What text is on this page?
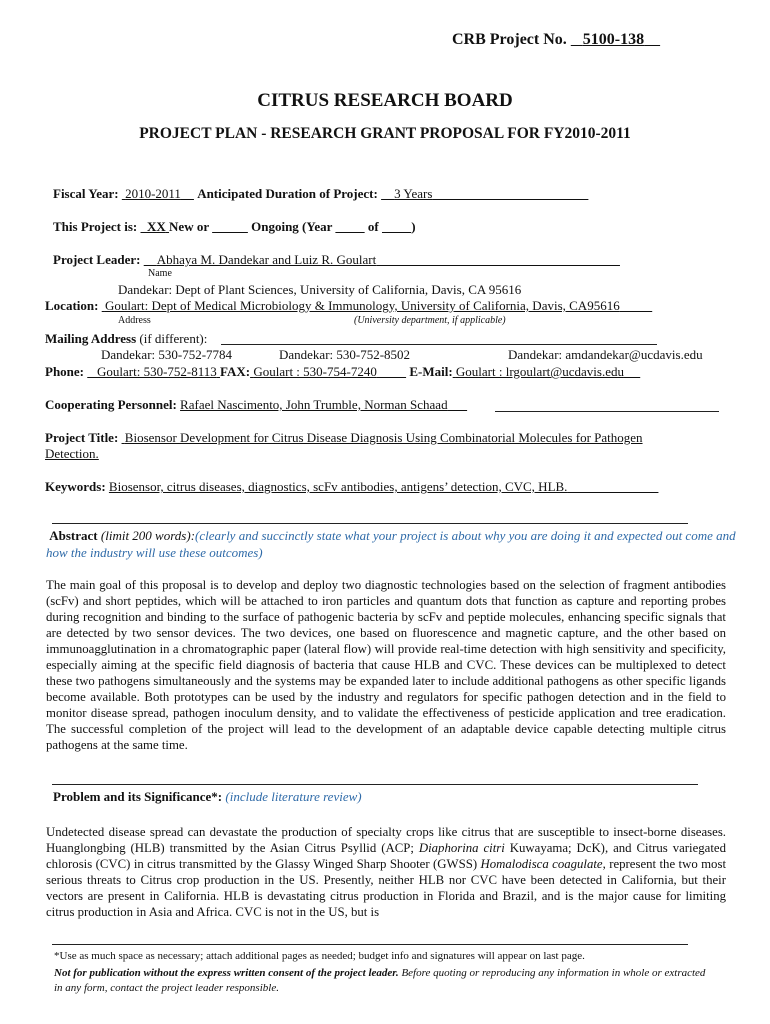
CRB Project No. 5100-138
CITRUS RESEARCH BOARD
PROJECT PLAN - RESEARCH GRANT PROPOSAL FOR FY2010-2011
Fiscal Year: 2010-2011 Anticipated Duration of Project: 3 Years
This Project is: XX New or	Ongoing (Year	of	)
Project Leader: Abhaya M. Dandekar and Luiz R. Goulart
Name
Dandekar: Dept of Plant Sciences, University of California, Davis, CA 95616
Location: Goulart: Dept of Medical Microbiology & Immunology, University of California, Davis, CA95616
Address	(University department, if applicable)
Mailing Address (if different):
Dandekar: 530-752-7784	Dandekar: 530-752-8502	Dandekar: amdandekar@ucdavis.edu
Phone: Goulart: 530-752-8113 FAX: Goulart : 530-754-7240	E-Mail: Goulart : lrgoulart@ucdavis.edu
Cooperating Personnel: Rafael Nascimento, John Trumble, Norman Schaad
Project Title: Biosensor Development for Citrus Disease Diagnosis Using Combinatorial Molecules for Pathogen
Detection.
Keywords: Biosensor, citrus diseases, diagnostics, scFv antibodies, antigens’ detection, CVC, HLB.
Abstract (limit 200 words):(clearly and succinctly state what your project is about why you are doing it and expected out come and how the industry will use these outcomes)

The main goal of this proposal is to develop and deploy two diagnostic technologies based on the selection of fragment antibodies (scFv) and short peptides, which will be attached to iron particles and quantum dots that function as capture and reporting probes during recognition and binding to the surface of pathogenic bacteria by scFv and peptide molecules, enhancing specific signals that are detected by two sensor devices. The two devices, one based on fluorescence and magnetic capture, and the other based on immunoagglutination in a chromatographic paper (lateral flow) will provide real-time detection with high sensitivity and specificity, especially aiming at the specific field diagnosis of bacteria that cause HLB and CVC. These devices can be multiplexed to detect these two pathogens simultaneously and the systems may be expanded later to include additional pathogens as other specific ligands become available. Both prototypes can be used by the industry and regulators for specific pathogen detection and in the field to monitor disease spread, pathogen inoculum density, and to validate the effectiveness of pesticide application and tree eradication. The successful completion of the project will lead to the development of an adaptable device capable detecting multiple citrus pathogens at the same time.

Problem and its Significance*: (include literature review)

Undetected disease spread can devastate the production of specialty crops like citrus that are susceptible to insect-borne diseases. Huanglongbing (HLB) transmitted by the Asian Citrus Psyllid (ACP; Diaphorina citri Kuwayama; DcK), and Citrus variegated chlorosis (CVC) in citrus transmitted by the Glassy Winged Sharp Shooter (GWSS) Homalodisca coagulate, represent the two most serious threats to Citrus crop production in the US. Presently, neither HLB nor CVC have been detected in California, but their vectors are present in California. HLB is devastating citrus production in Florida and Brazil, and is the major cause for limiting citrus production in Asia and Africa. CVC is not in the US, but is

*Use as much space as necessary; attach additional pages as needed; budget info and signatures will appear on last page.
Not for publication without the express written consent of the project leader. Before quoting or reproducing any information in whole or extracted in any form, contact the project leader responsible.
